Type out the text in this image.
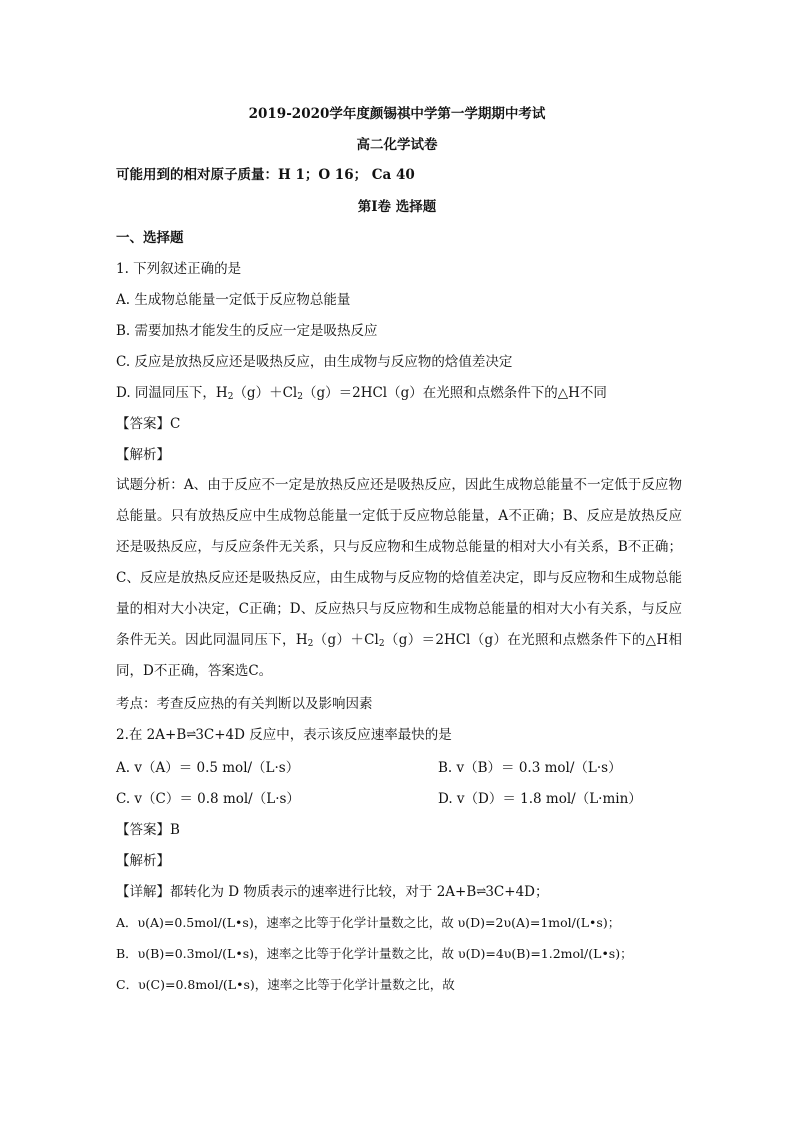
2019-2020学年度颜锡祺中学第一学期期中考试
高二化学试卷
可能用到的相对原子质量：H 1；O 16； Ca 40
第Ⅰ卷 选择题
一、选择题
1. 下列叙述正确的是
A. 生成物总能量一定低于反应物总能量
B. 需要加热才能发生的反应一定是吸热反应
C. 反应是放热反应还是吸热反应，由生成物与反应物的焓值差决定
D. 同温同压下，$H_2(g)+Cl_2(g)=2HCl(g)$在光照和点燃条件下的△H不同
【答案】C
【解析】
试题分析：A、由于反应不一定是放热反应还是吸热反应，因此生成物总能量不一定低于反应物总能量。只有放热反应中生成物总能量一定低于反应物总能量，A不正确；B、反应是放热反应还是吸热反应，与反应条件无关系，只与反应物和生成物总能量的相对大小有关系，B不正确；C、反应是放热反应还是吸热反应，由生成物与反应物的焓值差决定，即与反应物和生成物总能量的相对大小决定，C正确；D、反应热只与反应物和生成物总能量的相对大小有关系，与反应条件无关。因此同温同压下，$H_2(g)+Cl_2(g)=2HCl(g)$在光照和点燃条件下的△H相同，D不正确，答案选C。
考点：考查反应热的有关判断以及影响因素
2.在 2A+B⇌3C+4D 反应中，表示该反应速率最快的是
A. v（A）＝ 0.5 mol/（L·s）	B. v（B）＝ 0.3 mol/（L·s）
C. v（C）＝ 0.8 mol/（L·s）	D. v（D）＝ 1.8 mol/（L·min）
【答案】B
【解析】
【详解】都转化为 D 物质表示的速率进行比较，对于 2A+B⇌3C+4D；
A．υ(A)=0.5mol/(L•s)，速率之比等于化学计量数之比，故 υ(D)=2υ(A)=1mol/(L•s)；
B．υ(B)=0.3mol/(L•s)，速率之比等于化学计量数之比，故 υ(D)=4υ(B)=1.2mol/(L•s)；
C．υ(C)=0.8mol/(L•s)，速率之比等于化学计量数之比，故
